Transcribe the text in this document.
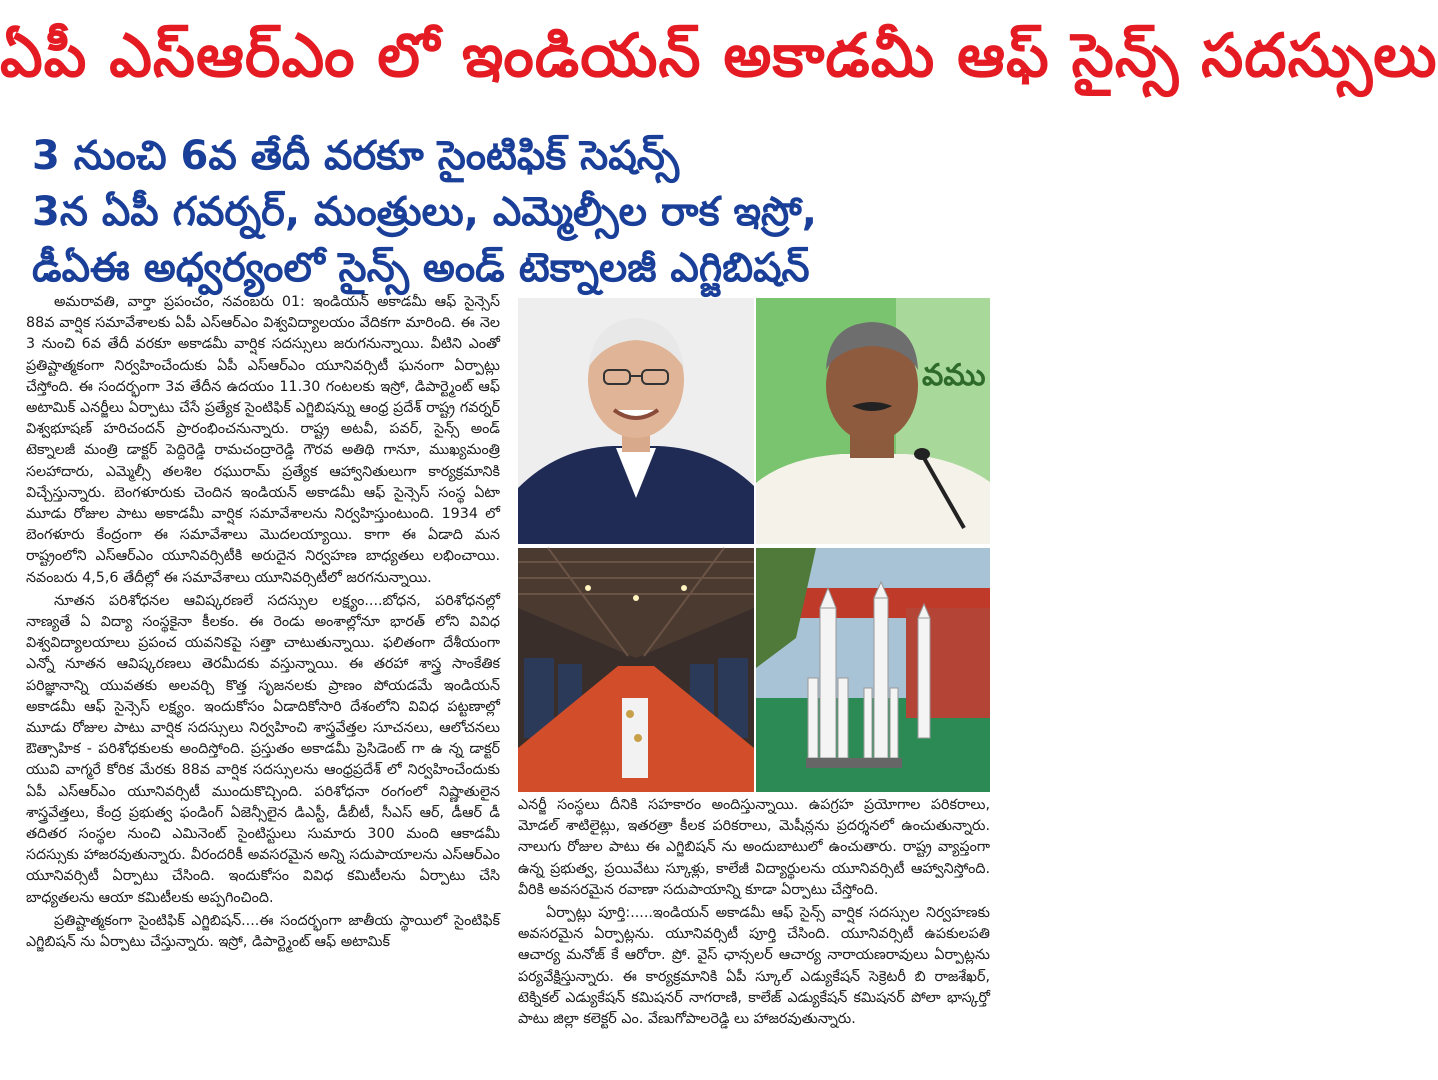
ఏపీ ఎస్ఆర్ఎం లో ఇండియన్ అకాడమీ ఆఫ్ సైన్స్ సదస్సులు
3 నుంచి 6వ తేదీ వరకూ సైంటిఫిక్ సెషన్స్
3న ఏపీ గవర్నర్, మంత్రులు, ఎమ్మెల్సీల రాక ఇస్రో,
డీఏఈ అధ్వర్యంలో సైన్స్ అండ్ టెక్నాలజీ ఎగ్జిబిషన్

అమరావతి, వార్తా ప్రపంచం, నవంబరు 01: ఇండియన్ అకాడమీ ఆఫ్ సైన్సెస్ 88వ వార్షిక సమావేశాలకు ఏపీ ఎస్ఆర్ఎం విశ్వవిద్యాలయం వేదికగా మారింది. ఈ నెల 3 నుంచి 6వ తేదీ వరకూ అకాడమీ వార్షిక సదస్సులు జరుగనున్నాయి. వీటిని ఎంతో ప్రతిష్టాత్మకంగా నిర్వహించేందుకు ఏపీ ఎస్ఆర్ఎం యూనివర్సిటీ ఘనంగా ఏర్పాట్లు చేస్తోంది. ఈ సందర్భంగా 3వ తేదీన ఉదయం 11.30 గంటలకు ఇస్రో, డిపార్ట్మెంట్ ఆఫ్ అటామిక్ ఎనర్జీలు ఏర్పాటు చేసే ప్రత్యేక సైంటిఫిక్ ఎగ్జిబిషన్ను ఆంధ్ర ప్రదేశ్ రాష్ట్ర గవర్నర్ విశ్వభూషణ్ హరిచందన్ ప్రారంభించనున్నారు. రాష్ట్ర అటవీ, పవర్, సైన్స్ అండ్ టెక్నాలజీ మంత్రి డాక్టర్ పెద్దిరెడ్డి రామచంద్రారెడ్డి గౌరవ అతిథి గానూ, ముఖ్యమంత్రి సలహాదారు, ఎమ్మెల్సీ తలశిల రఘురామ్ ప్రత్యేక ఆహ్వానితులుగా కార్యక్రమానికి విచ్చేస్తున్నారు. బెంగళూరుకు చెందిన ఇండియన్ అకాడమీ ఆఫ్ సైన్సెస్ సంస్థ ఏటా మూడు రోజుల పాటు అకాడమీ వార్షిక సమావేశాలను నిర్వహిస్తుంటుంది. 1934 లో బెంగళూరు కేంద్రంగా ఈ సమావేశాలు మొదలయ్యాయి. కాగా ఈ ఏడాది మన రాష్ట్రంలోని ఎస్ఆర్ఎం యూనివర్సిటీకి అరుదైన నిర్వహణ బాధ్యతలు లభించాయి. నవంబరు 4,5,6 తేదీల్లో ఈ సమావేశాలు యూనివర్సిటీలో జరగనున్నాయి.

నూతన పరిశోధనల ఆవిష్కరణలే సదస్సుల లక్ష్యం....బోధన, పరిశోధనల్లో నాణ్యతే ఏ విద్యా సంస్థకైనా కీలకం. ఈ రెండు అంశాల్లోనూ భారత్ లోని వివిధ విశ్వవిద్యాలయాలు ప్రపంచ యవనికపై సత్తా చాటుతున్నాయి. ఫలితంగా దేశీయంగా ఎన్నో నూతన ఆవిష్కరణలు తెరమీదకు వస్తున్నాయి. ఈ తరహా శాస్త్ర సాంకేతిక పరిజ్ఞానాన్ని యువతకు అలవర్చి కొత్త సృజనలకు ప్రాణం పోయడమే ఇండియన్ అకాడమీ ఆఫ్ సైన్సెస్ లక్ష్యం. ఇందుకోసం ఏడాదికోసారి దేశంలోని వివిధ పట్టణాల్లో మూడు రోజుల పాటు వార్షిక సదస్సులు నిర్వహించి శాస్త్రవేత్తల సూచనలు, ఆలోచనలు ఔత్సాహిక - పరిశోధకులకు అందిస్తోంది. ప్రస్తుతం అకాడమీ ప్రెసిడెంట్ గా ఉ న్న డాక్టర్ యువి వాగ్మరే కోరిక మేరకు 88వ వార్షిక సదస్సులను ఆంధ్రప్రదేశ్ లో నిర్వహించేందుకు ఏపీ ఎస్ఆర్ఎం యూనివర్సిటీ ముందుకొచ్చింది. పరిశోధనా రంగంలో నిష్ణాతులైన శాస్త్రవేత్తలు, కేంద్ర ప్రభుత్వ ఫండింగ్ ఏజెన్సీలైన డిఎస్టీ, డీబీటీ, సీఎస్ ఆర్, డీఆర్ డీ తదితర సంస్థల నుంచి ఎమినెంట్ సైంటిస్టులు సుమారు 300 మంది ఆకాడమీ సదస్సుకు హాజరవుతున్నారు. వీరందరికీ అవసరమైన అన్ని సదుపాయాలను ఎస్ఆర్ఎం యూనివర్సిటీ ఏర్పాటు చేసింది. ఇందుకోసం వివిధ కమిటీలను ఏర్పాటు చేసి బాధ్యతలను ఆయా కమిటీలకు అప్పగించింది.

ప్రతిష్టాత్మకంగా సైంటిఫిక్ ఎగ్జిబిషన్....ఈ సందర్భంగా జాతీయ స్థాయిలో సైంటిఫిక్ ఎగ్జిబిషన్ ను ఏర్పాటు చేస్తున్నారు. ఇస్రో, డిపార్ట్మెంట్ ఆఫ్ అటామిక్

వము

ఎనర్జీ సంస్థలు దీనికి సహకారం అందిస్తున్నాయి. ఉపగ్రహ ప్రయోగాల పరికరాలు, మోడల్ శాటిలైట్లు, ఇతరత్రా కీలక పరికరాలు, మెషీన్లను ప్రదర్శనలో ఉంచుతున్నారు. నాలుగు రోజుల పాటు ఈ ఎగ్జిబిషన్ ను అందుబాటులో ఉంచుతారు. రాష్ట్ర వ్యాప్తంగా ఉన్న ప్రభుత్వ, ప్రయివేటు స్కూళ్లు, కాలేజీ విద్యార్థులను యూనివర్సిటీ ఆహ్వానిస్తోంది. వీరికి అవసరమైన రవాణా సదుపాయాన్ని కూడా ఏర్పాటు చేస్తోంది.

ఏర్పాట్లు పూర్తి:.....ఇండియన్ అకాడమీ ఆఫ్ సైన్స్ వార్షిక సదస్సుల నిర్వహణకు అవసరమైన ఏర్పాట్లను. యూనివర్సిటీ పూర్తి చేసింది. యూనివర్సిటీ ఉపకులపతి ఆచార్య మనోజ్ కే ఆరోరా. ప్రో. వైస్ ఛాన్సలర్ ఆచార్య నారాయణరావులు ఏర్పాట్లను పర్యవేక్షిస్తున్నారు. ఈ కార్యక్రమానికి ఏపీ స్కూల్ ఎడ్యుకేషన్ సెక్రెటరీ బి రాజశేఖర్, టెక్నికల్ ఎడ్యుకేషన్ కమిషనర్ నాగరాణి, కాలేజ్ ఎడ్యుకేషన్ కమిషనర్ పోలా భాస్కర్తో పాటు జిల్లా కలెక్టర్ ఎం. వేణుగోపాలరెడ్డి లు హాజరవుతున్నారు.
